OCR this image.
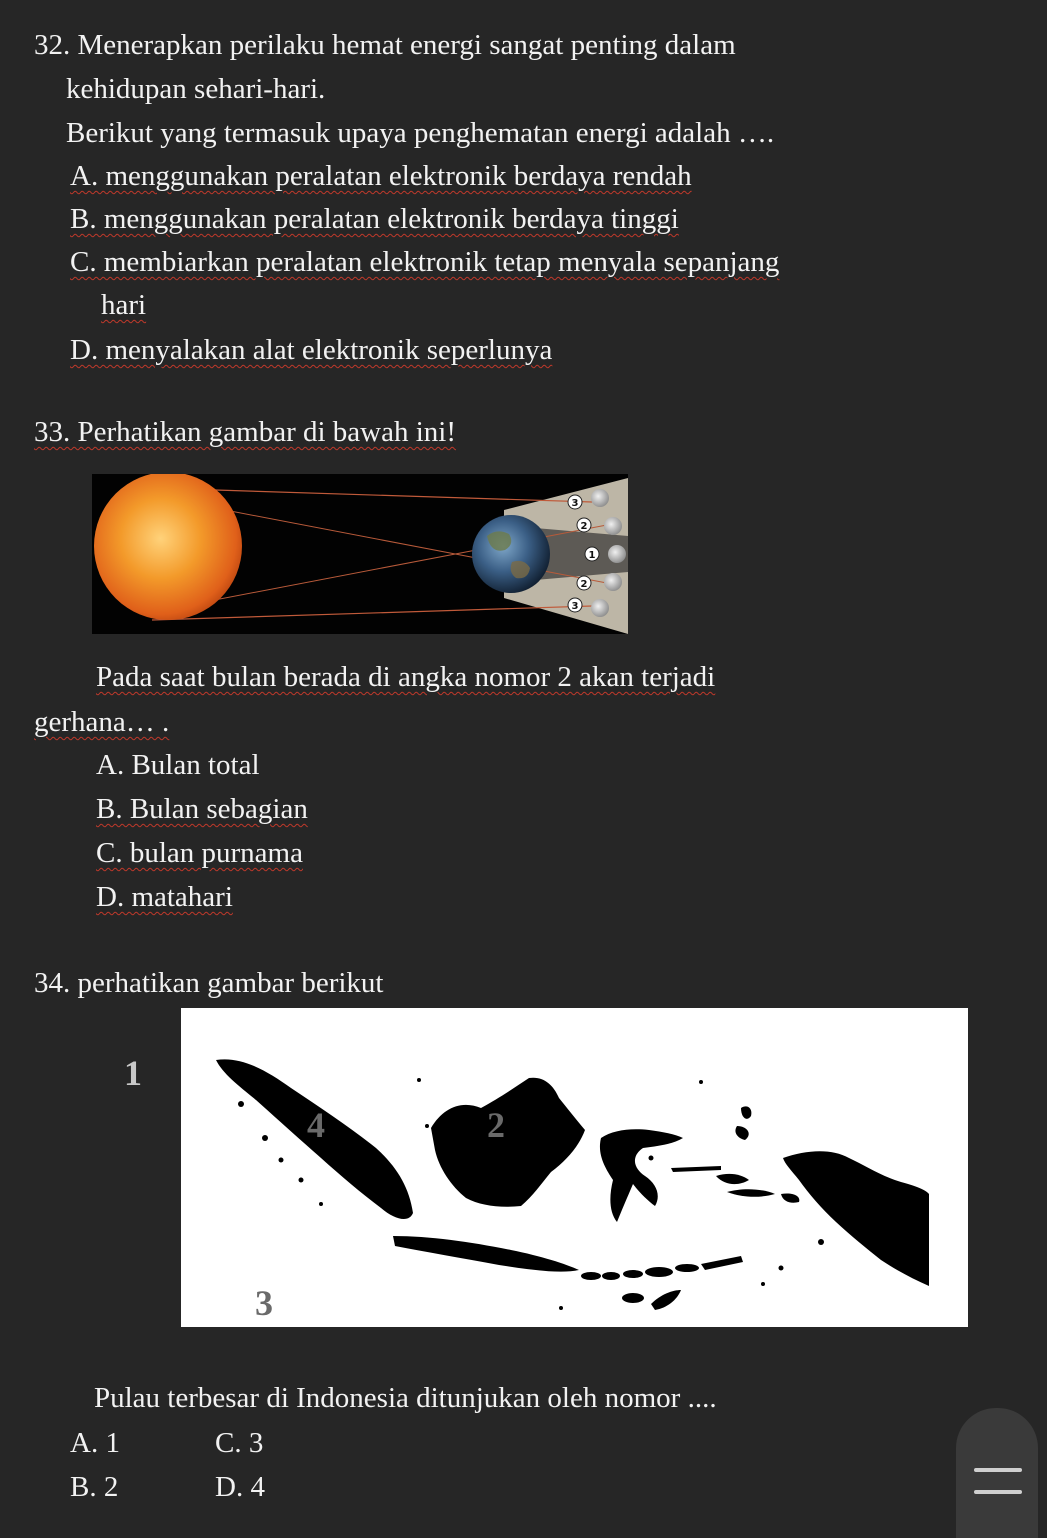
32. Menerapkan perilaku hemat energi sangat penting dalam
kehidupan sehari-hari.
Berikut yang termasuk upaya penghematan energi adalah ….
A. menggunakan peralatan elektronik berdaya rendah
B. menggunakan peralatan elektronik berdaya tinggi
C. membiarkan peralatan elektronik tetap menyala sepanjang
hari
D. menyalakan alat elektronik seperlunya
33. Perhatikan gambar di bawah ini!
3
2
1
2
3
Pada saat bulan berada di angka nomor 2 akan terjadi
gerhana… .
A. Bulan total
B. Bulan sebagian
C. bulan purnama
D. matahari
34. perhatikan gambar berikut
1
4	2
3
Pulau terbesar di Indonesia ditunjukan oleh nomor ....
A. 1	C. 3
B. 2	D. 4
